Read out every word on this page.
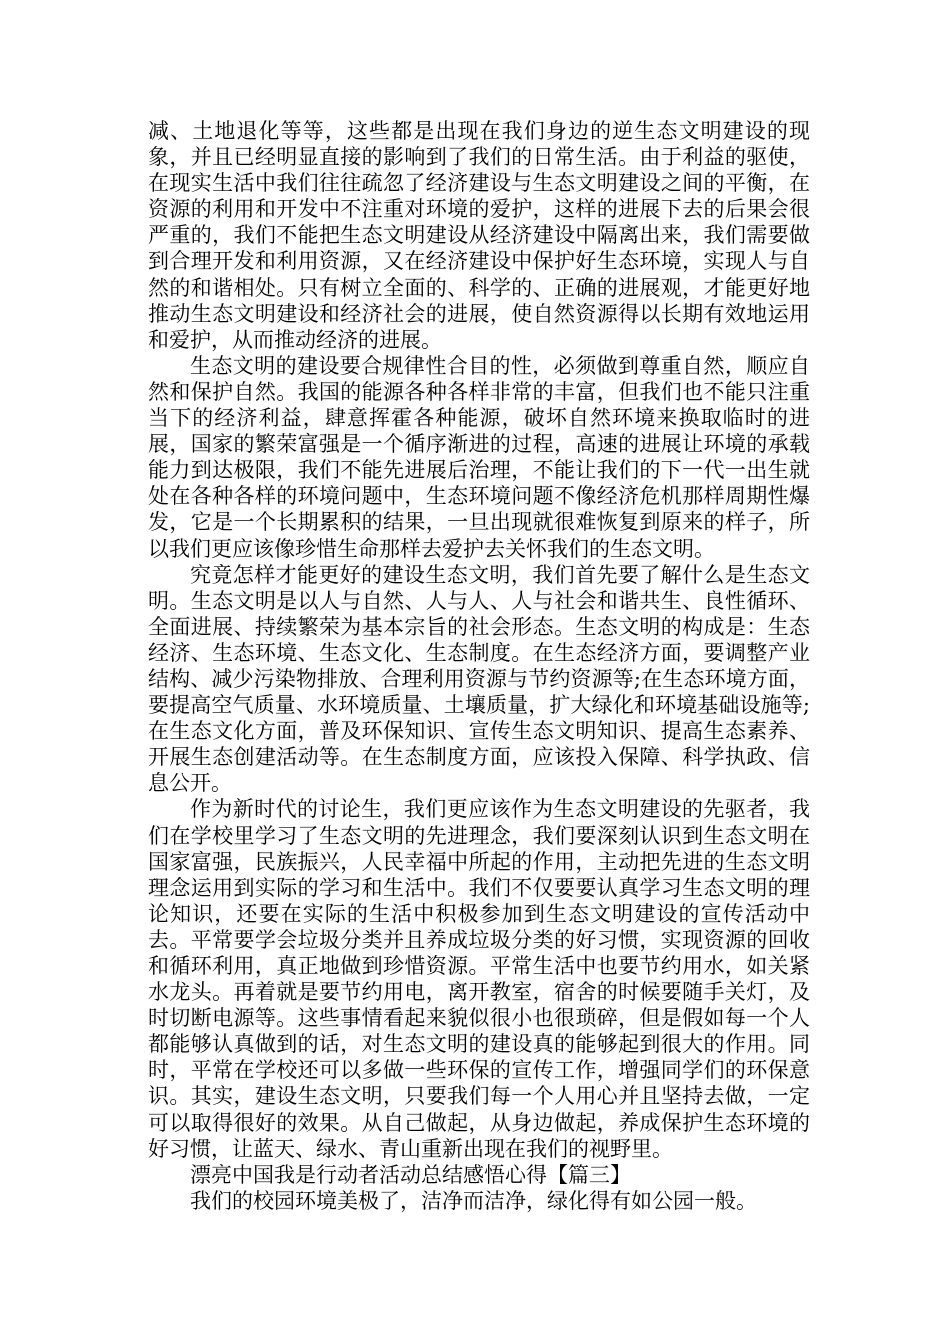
减、土地退化等等，这些都是出现在我们身边的逆生态文明建设的现象，并且已经明显直接的影响到了我们的日常生活。由于利益的驱使，在现实生活中我们往往疏忽了经济建设与生态文明建设之间的平衡，在资源的利用和开发中不注重对环境的爱护，这样的进展下去的后果会很严重的，我们不能把生态文明建设从经济建设中隔离出来，我们需要做到合理开发和利用资源，又在经济建设中保护好生态环境，实现人与自然的和谐相处。只有树立全面的、科学的、正确的进展观，才能更好地推动生态文明建设和经济社会的进展，使自然资源得以长期有效地运用和爱护，从而推动经济的进展。

生态文明的建设要合规律性合目的性，必须做到尊重自然，顺应自然和保护自然。我国的能源各种各样非常的丰富，但我们也不能只注重当下的经济利益，肆意挥霍各种能源，破坏自然环境来换取临时的进展，国家的繁荣富强是一个循序渐进的过程，高速的进展让环境的承载能力到达极限，我们不能先进展后治理，不能让我们的下一代一出生就处在各种各样的环境问题中，生态环境问题不像经济危机那样周期性爆发，它是一个长期累积的结果，一旦出现就很难恢复到原来的样子，所以我们更应该像珍惜生命那样去爱护去关怀我们的生态文明。

究竟怎样才能更好的建设生态文明，我们首先要了解什么是生态文明。生态文明是以人与自然、人与人、人与社会和谐共生、良性循环、全面进展、持续繁荣为基本宗旨的社会形态。生态文明的构成是：生态经济、生态环境、生态文化、生态制度。在生态经济方面，要调整产业结构、减少污染物排放、合理利用资源与节约资源等;在生态环境方面，要提高空气质量、水环境质量、土壤质量，扩大绿化和环境基础设施等;在生态文化方面，普及环保知识、宣传生态文明知识、提高生态素养、开展生态创建活动等。在生态制度方面，应该投入保障、科学执政、信息公开。

作为新时代的讨论生，我们更应该作为生态文明建设的先驱者，我们在学校里学习了生态文明的先进理念，我们要深刻认识到生态文明在国家富强，民族振兴，人民幸福中所起的作用，主动把先进的生态文明理念运用到实际的学习和生活中。我们不仅要要认真学习生态文明的理论知识，还要在实际的生活中积极参加到生态文明建设的宣传活动中去。平常要学会垃圾分类并且养成垃圾分类的好习惯，实现资源的回收和循环利用，真正地做到珍惜资源。平常生活中也要节约用水，如关紧水龙头。再着就是要节约用电，离开教室，宿舍的时候要随手关灯，及时切断电源等。这些事情看起来貌似很小也很琐碎，但是假如每一个人都能够认真做到的话，对生态文明的建设真的能够起到很大的作用。同时，平常在学校还可以多做一些环保的宣传工作，增强同学们的环保意识。其实，建设生态文明，只要我们每一个人用心并且坚持去做，一定可以取得很好的效果。从自己做起，从身边做起，养成保护生态环境的好习惯，让蓝天、绿水、青山重新出现在我们的视野里。

漂亮中国我是行动者活动总结感悟心得【篇三】

我们的校园环境美极了，洁净而洁净，绿化得有如公园一般。
